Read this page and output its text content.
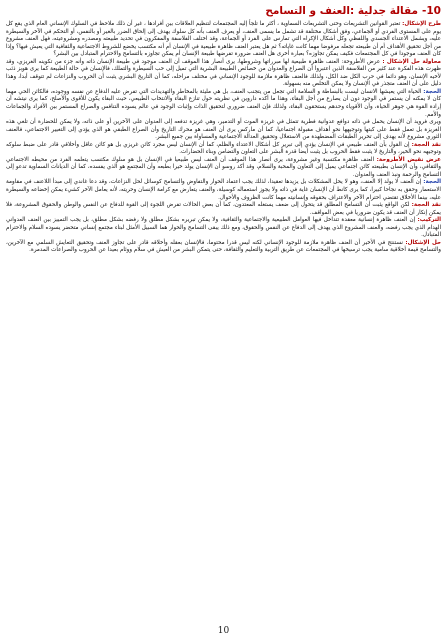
10-
مقالة جدلية :العنف و التسامح

طرح الإشكال: تعتبر القوانين التشريعات وحتى التشريعات السماوية ، أكثر ما تلجأ إليه المجتمعات لتنظيم العلاقات بين أفرادها ، غير أن ذلك ملاحظ في السلوك الإنساني العام الذي يقع كل يوم على المستوى الفردي أو الجماعي، وفق أشكال مختلفة قد تشمل ما يسمى العنف، أو يعرف العنف بأنه كل سلوك يهدف إلى إلحاق الضرر بالغير أو بالنفس، أو التحكم في الآخر والسيطرة عليه، ويشمل الاعتداء الجسدي واللفظي وكل أشكال الإكراه التي تمارس على الفرد أو الجماعة، وقد اختلف الفلاسفة والمفكرون في تحديد طبيعته ومصدره ومشروعيته، فهل العنف مشروع من أجل تحقيق الأهداف أم أن طبيعته تجعله مرفوضا مهما كانت غاياته؟ ثم هل يعتبر العنف ظاهرة طبيعية في الإنسان أم أنه مكتسب يخضع للشروط الاجتماعية والثقافية التي يعيش فيها؟ وإذا كان العنف موجودا في كل المجتمعات فكيف يمكن تجاوزه؟ بعبارة أخرى هل العنف ضرورة تفرضها طبيعة الإنسان أم يمكن تجاوزه بالتسامح والاحترام المتبادل بين البشر؟

محاولة حل الإشكال : عرض الأطروحة: العنف ظاهرة طبيعية لها مبرراتها وشروطها، يرى أنصار هذا الموقف أن العنف موجود في طبيعة الإنسان ذاته وأنه جزء من تكوينه الغريزي، وقد ظهرت هذه الفكرة عند كثير من الفلاسفة الذين اعتبروا أن الصراع والعدوان من خصائص الطبيعة البشرية التي تميل إلى حب السيطرة والتملك، فالإنسان في حالة الطبيعة كما يرى هوبز ذئب لأخيه الإنسان، وهو دائما في حرب الكل ضد الكل، ولذلك فالعنف ظاهرة ملازمة للوجود الإنساني في مختلف مراحله، كما أن التاريخ البشري يثبت أن الحروب والنزاعات لم تتوقف أبدا، وهذا دليل على أن العنف متجذر في الإنسان ولا يمكن التخلص منه بسهولة.

الحجة: الحياة التي يعيشها الانسان ليست بالبساطة و السلامة التي تجعل من يتجنب العنف، بل هي مليئة بالمخاطر والتهديدات التي تفرض عليه الدفاع عن نفسه ووجوده، فالكائن الحي مهما كان لا يمكنه أن يستمر في الوجود دون أن يصارع من أجل البقاء، وهذا ما أكده داروين في نظريته حول تنازع البقاء والانتخاب الطبيعي، حيث البقاء يكون للأقوى والأصلح، كما يرى نيتشه أن إرادة القوة هي جوهر الحياة، وأن الأقوياء وحدهم يستحقون البقاء، ولذلك فإن العنف ضروري لتحقيق الذات وإثبات الوجود في عالم يسوده التنافس والصراع المستمر بين الأفراد والجماعات والأمم.

ويرى فرويد أن الإنسان يحمل في ذاته دوافع عدوانية فطرية تتمثل في غريزة الموت أو التدمير، وهي غريزة تدفعه إلى العدوان على الآخرين أو على ذاته، ولا يمكن للحضارة أن تلغي هذه الغريزة بل تعمل فقط على كبتها وتوجيهها نحو أهداف مقبولة اجتماعيا، كما أن ماركس يرى أن العنف هو محرك التاريخ وأن الصراع الطبقي هو الذي يؤدي إلى التغيير الاجتماعي، فالعنف الثوري مشروع لأنه يهدف إلى تحرير الطبقات المضطهدة من الاستغلال وتحقيق العدالة الاجتماعية والمساواة بين جميع البشر.

نقد الحجة: إن القول بأن العنف طبيعي في الإنسان يؤدي إلى تبرير كل أشكال الاعتداء والظلم، كما أن الإنسان ليس مجرد كائن غريزي بل هو كائن عاقل وأخلاقي قادر على ضبط سلوكه وتوجيهه نحو الخير، والتاريخ لا يثبت فقط الحروب بل يثبت أيضا قدرة البشر على التعاون والتضامن وبناء الحضارات.

عرض نقيض الأطروحة: العنف ظاهرة مكتسبة وغير مشروعة، يرى أنصار هذا الموقف أن العنف ليس طبيعيا في الإنسان بل هو سلوك مكتسب يتعلمه الفرد من محيطه الاجتماعي والثقافي، وأن الإنسان بطبيعته كائن اجتماعي يميل إلى التعاون والمحبة والسلام، وقد أكد روسو أن الإنسان يولد خيرا بطبعه وأن المجتمع هو الذي يفسده، كما أن الديانات السماوية تدعو إلى التسامح والرحمة ونبذ العنف والعدوان.

الحجة: إن العنف لا يولد إلا العنف، وهو لا يحل المشكلات بل يزيدها تعقيدا، لذلك يجب اعتماد الحوار والتفاوض والتسامح كوسائل لحل النزاعات، وقد دعا غاندي إلى مبدأ اللاعنف في مقاومة الاستعمار وحقق به نجاحا كبيرا، كما يرى كانط أن الإنسان غاية في ذاته ولا يجوز استعماله كوسيلة، والعنف يتعارض مع كرامة الإنسان وحريته، لأنه يعامل الآخر كشيء يمكن إخضاعه والسيطرة عليه، بينما الأخلاق تقتضي احترام الآخر والاعتراف بحقوقه وإنسانيته مهما كانت الظروف والأحوال.

نقد الحجة: لكن الواقع يثبت أن التسامح المطلق قد يتحول إلى ضعف يستغله المعتدون، كما أن بعض الحالات تفرض اللجوء إلى القوة للدفاع عن النفس والوطن والحقوق المشروعة، فلا يمكن إنكار أن العنف قد يكون ضروريا في بعض المواقف.

التركيب: إن العنف ظاهرة إنسانية معقدة تتداخل فيها العوامل الطبيعية والاجتماعية والثقافية، ولا يمكن تبريره بشكل مطلق ولا رفضه بشكل مطلق، بل يجب التمييز بين العنف العدواني الهدام الذي يجب رفضه، والعنف المشروع الذي يهدف إلى الدفاع عن النفس والحقوق، ومع ذلك يبقى التسامح والحوار هما السبيل الأمثل لبناء مجتمع إنساني متحضر يسوده السلام والاحترام المتبادل.

حل الإشكال: نستنتج في الأخير أن العنف ظاهرة ملازمة للوجود الإنساني لكنه ليس قدرا محتوما، فالإنسان بعقله وأخلاقه قادر على تجاوز العنف وتحقيق التعايش السلمي مع الآخرين، والتسامح قيمة أخلاقية سامية يجب ترسيخها في المجتمعات عن طريق التربية والتعليم والثقافة، حتى يتمكن البشر من العيش في سلام ووئام بعيدا عن الحروب والصراعات المدمرة.

10
